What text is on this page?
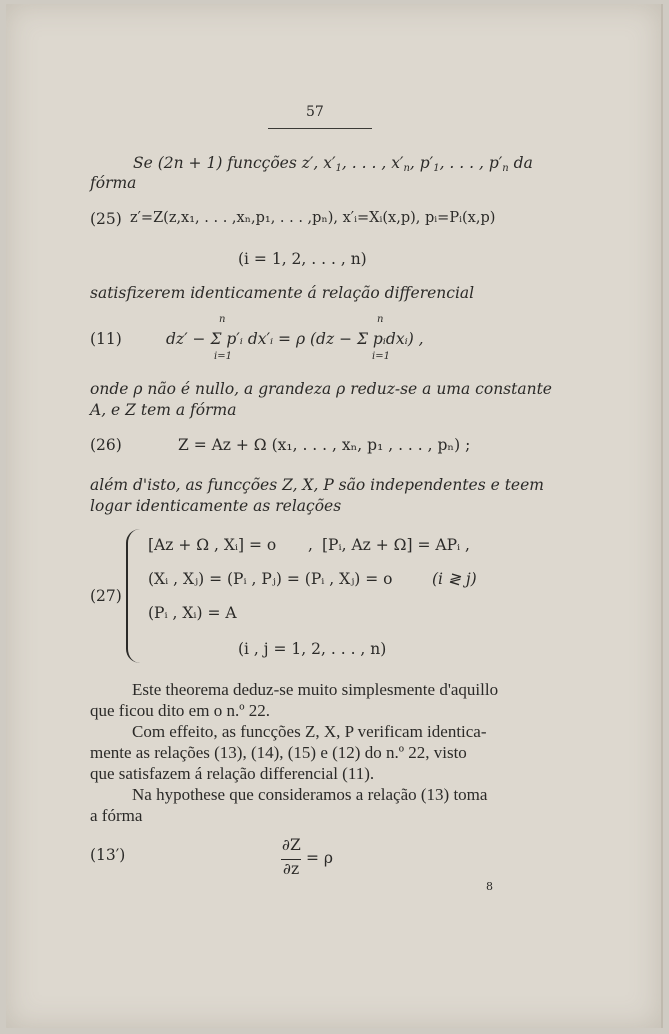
57
Se (2n + 1) funcções z′, $x'_1$, . . . , $x'_n$, $p'_1$, . . . , $p'_n$ da
fórma
(25) z′=Z(z,x₁, . . . ,xₙ,p₁, . . . ,pₙ), x′ᵢ=Xᵢ(x,p), pᵢ=Pᵢ(x,p)
(i = 1, 2, . . . , n)
satisfizerem identicamente á relação differencial
n	n
(11)	dz′ − Σ p′ᵢ dx′ᵢ = ρ (dz − Σ pᵢdxᵢ) ,
i=1	i=1
onde ρ não é nullo, a grandeza ρ reduz-se a uma constante
A, e Z tem a fórma
(26)	Z = Az + Ω (x₁, . . . , xₙ, p₁ , . . . , pₙ) ;
além d'isto, as funcções Z, X, P são independentes e teem
logar identicamente as relações
(27)
[Az + Ω , Xᵢ] = o , [Pᵢ, Az + Ω] = APᵢ ,
(Xᵢ , Xⱼ) = (Pᵢ , Pⱼ) = (Pᵢ , Xⱼ) = o	(i ≷ j)
(Pᵢ , Xᵢ) = A
(i , j = 1, 2, . . . , n)
Este theorema deduz-se muito simplesmente d'aquillo
que ficou dito em o n.º 22.
Com effeito, as funcções Z, X, P verificam identica-
mente as relações (13), (14), (15) e (12) do n.º 22, visto
que satisfazem á relação differencial (11).
Na hypothese que consideramos a relação (13) toma
a fórma
(13′)
∂Z
∂z
= ρ
8
